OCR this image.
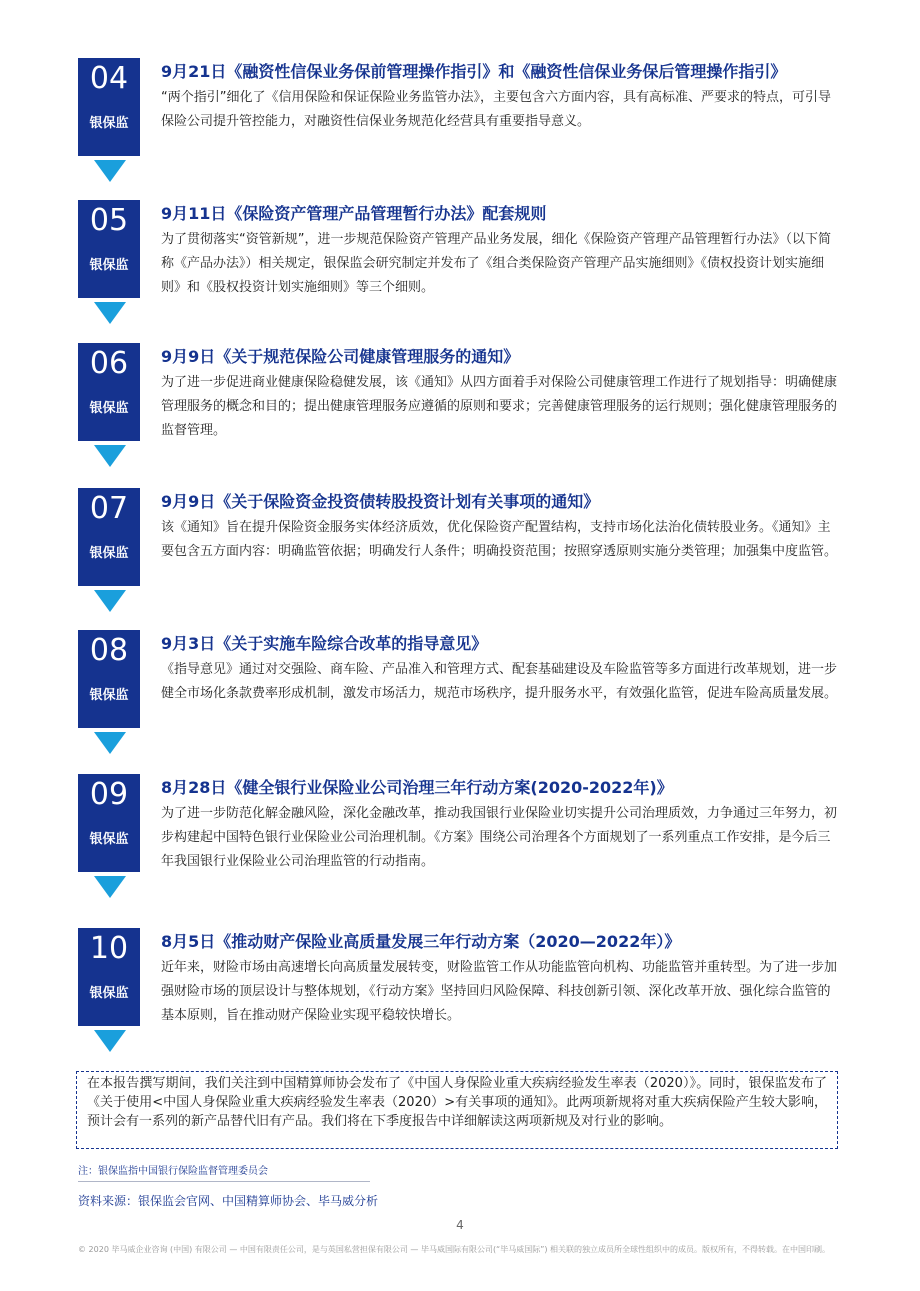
04
银保监

9月21日《融资性信保业务保前管理操作指引》和《融资性信保业务保后管理操作指引》

“两个指引”细化了《信用保险和保证保险业务监管办法》，主要包含六方面内容，具有高标准、严要求的特点，可引导保险公司提升管控能力，对融资性信保业务规范化经营具有重要指导意义。

05
银保监

9月11日《保险资产管理产品管理暂行办法》配套规则

为了贯彻落实“资管新规”，进一步规范保险资产管理产品业务发展，细化《保险资产管理产品管理暂行办法》（以下简称《产品办法》）相关规定，银保监会研究制定并发布了《组合类保险资产管理产品实施细则》《债权投资计划实施细则》和《股权投资计划实施细则》等三个细则。

06
银保监

9月9日《关于规范保险公司健康管理服务的通知》

为了进一步促进商业健康保险稳健发展，该《通知》从四方面着手对保险公司健康管理工作进行了规划指导：明确健康管理服务的概念和目的；提出健康管理服务应遵循的原则和要求；完善健康管理服务的运行规则；强化健康管理服务的监督管理。

07
银保监

9月9日《关于保险资金投资债转股投资计划有关事项的通知》

该《通知》旨在提升保险资金服务实体经济质效，优化保险资产配置结构，支持市场化法治化债转股业务。《通知》主要包含五方面内容：明确监管依据；明确发行人条件；明确投资范围；按照穿透原则实施分类管理；加强集中度监管。

08
银保监

9月3日《关于实施车险综合改革的指导意见》

《指导意见》通过对交强险、商车险、产品准入和管理方式、配套基础建设及车险监管等多方面进行改革规划，进一步健全市场化条款费率形成机制，激发市场活力，规范市场秩序，提升服务水平，有效强化监管，促进车险高质量发展。

09
银保监

8月28日《健全银行业保险业公司治理三年行动方案(2020-2022年)》

为了进一步防范化解金融风险，深化金融改革，推动我国银行业保险业切实提升公司治理质效，力争通过三年努力，初步构建起中国特色银行业保险业公司治理机制。《方案》围绕公司治理各个方面规划了一系列重点工作安排，是今后三年我国银行业保险业公司治理监管的行动指南。

10
银保监

8月5日《推动财产保险业高质量发展三年行动方案（2020—2022年）》

近年来，财险市场由高速增长向高质量发展转变，财险监管工作从功能监管向机构、功能监管并重转型。为了进一步加强财险市场的顶层设计与整体规划，《行动方案》坚持回归风险保障、科技创新引领、深化改革开放、强化综合监管的基本原则，旨在推动财产保险业实现平稳较快增长。

在本报告撰写期间，我们关注到中国精算师协会发布了《中国人身保险业重大疾病经验发生率表（2020）》。同时，银保监发布了《关于使用<中国人身保险业重大疾病经验发生率表（2020）>有关事项的通知》。此两项新规将对重大疾病保险产生较大影响，预计会有一系列的新产品替代旧有产品。我们将在下季度报告中详细解读这两项新规及对行业的影响。

注：银保监指中国银行保险监督管理委员会
资料来源：银保监会官网、中国精算师协会、毕马威分析
4
© 2020 毕马威企业咨询 (中国) 有限公司 — 中国有限责任公司，是与英国私营担保有限公司 — 毕马威国际有限公司(“毕马威国际”) 相关联的独立成员所全球性组织中的成员。版权所有，不得转载。在中国印刷。
